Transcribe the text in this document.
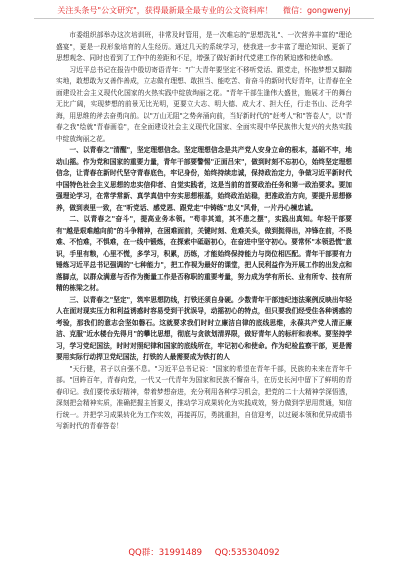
关注头条号"公文研究"，获得最新最全最专业的公文资料库！ 微信：gongwenyj

市委组织部举办这次培训班，非常及时管用，是一次难忘的"思想洗礼"、一次营养丰富的"理论盛宴"，更是一段形象培育的人生经历。通过几天的系统学习，使我进一步丰富了理论知识、更新了思想观念、同时也看到了工作中的差距和不足，增强了做好新时代党建工作的紧迫感和使命感。

习近平总书记在报告中殷切寄语青年："广大青年要坚定不移听党话、跟党走，怀抱梦想又脚踏实地，敢想敢为又善作善成，立志做有理想、敢担当、能吃苦、肯奋斗的新时代好青年，让青春在全面建设社会主义现代化国家的火热实践中绽放绚丽之花。"青年干部生逢伟大盛世，施展才干的舞台无比广阔，实现梦想的前景无比光明，更要立大志、明大德、成大才、担大任，行走书山、泛舟学海，用思维的斧去奋勇向前。以"万山无阻"之势奔涌向前，当好新时代的"赶考人"和"答卷人"，以"青春之我"绘就"青春画卷"，在全面建设社会主义现代化国家、全面实现中华民族伟大复兴的火热实践中绽放绚丽之花。

一、以青春之"清醒"，坚定理想信念。坚定理想信念是共产党人安身立命的根本，基础不牢，地动山摇。作为党和国家的重要力量，青年干部要警惕"正面吕宋"，做到时刻不忘初心，始终坚定理想信念，让青春在新时代坚守青春底色，牢记身份，始终持续忠诚，保持政治定力，争做习近平新时代中国特色社会主义思想的忠实信仰者、自觉实践者，这是当前的首要政治任务和第一政治要求。要加强理论学习，在常学常新、真学真信中夯实思想根基，始终政治站稳，把准政治方向，要提升思想修养，做到表里一致，在"听党话、感党恩、跟党走"中铸练"忠义"风骨，一片丹心楝忠诚。

二、以青春之"奋斗"，提高业务本领。"苟非其道，其不患之摆"，实践出真知。年轻干部要有"越是艰难越向前"的斗争精神，在困难面前，关键时刻、危难关头，做到挺得出，冲锋在前，不畏难、不怕难，不惧难，在一线中锻炼，在探索中砥砺初心，在奋进中坚守初心。要常怀"本领恐慌"意识，手里有粮，心里不慌，多学习，积累，历练，才能始终保持能力与岗位相匹配。青年干部要有力锤炼习近平总书记强调的"七种能力"，把工作视为最好的课堂，把人民利益作为开展工作的出发点和落脚点，以群众满意与否作为衡量工作是否称职的重要考量，努力成为学有所长、业有所专、技有所精的栋梁之材。

三、以青春之"坚定"，筑牢思想防线，打铁还须自身硬。少数青年干部违纪违法案例反映出年轻人在面对现实压力和利益诱惑时容易受到干扰误导，动摇初心的特点，但只要我们经受住各种诱惑的考验，那我们的意志会坚如磐石。这就要求我们时时立廉洁自律的底线思维，永葆共产党人清正廉洁、克服"近水楼台先得月"的攀比思想，彻底与贪欲划清界限，做好青年人的标杆和表率。要坚持学习，学习党纪国法，时时对照纪律和国家的底线所在，牢记初心和使命。作为纪检监察干部，更是需要用实际行动捍卫党纪国法，打铁的人最需要成为铁打的人

"天行健，君子以自强不息。"习近平总书记说："国家的希望在青年千部，民族的未来在青年千部。"回眸百年，青春向党，一代又一代青年为国家和民族不懈奋斗，在历史长河中留下了鲜明的青春印记。我们要传承好精神，带着梦想奋进，充分利用各种学习机会，把党的二十大精神学深悟透，深刻把会精神实质，准确把握主旨要义，推动学习成果转化为实践成效，努力做到学思用贯通，知信行统一。并把学习成果转化为工作实效，再接再厉，勇挑重担，自信迎考，以过硬本领和优异成绩书写新时代的青春答卷！

QQ群：31991489 QQ:535304092
